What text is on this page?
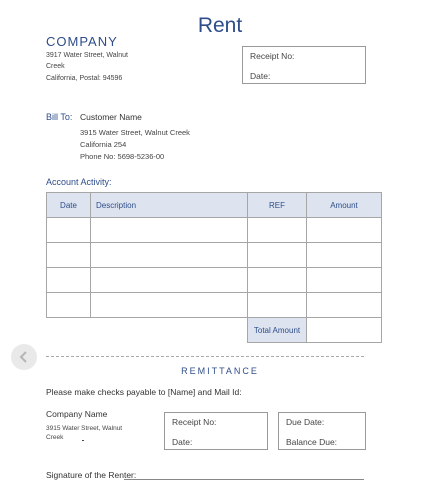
Rent
COMPANY
3917 Water Street, Walnut
Creek
California, Postal: 94596
Receipt No:
Date:
Bill To: Customer Name
3915 Water Street, Walnut Creek
California 254
Phone No: 5698-5236-00
Account Activity:
Date	Description	REF	Amount

		Total Amount	
REMITTANCE
Please make checks payable to [Name] and Mail Id:
Company Name
3915 Water Street, Walnut
Creek
Receipt No:
Date:
Due Date:
Balance Due:
Signature of the Renter:
